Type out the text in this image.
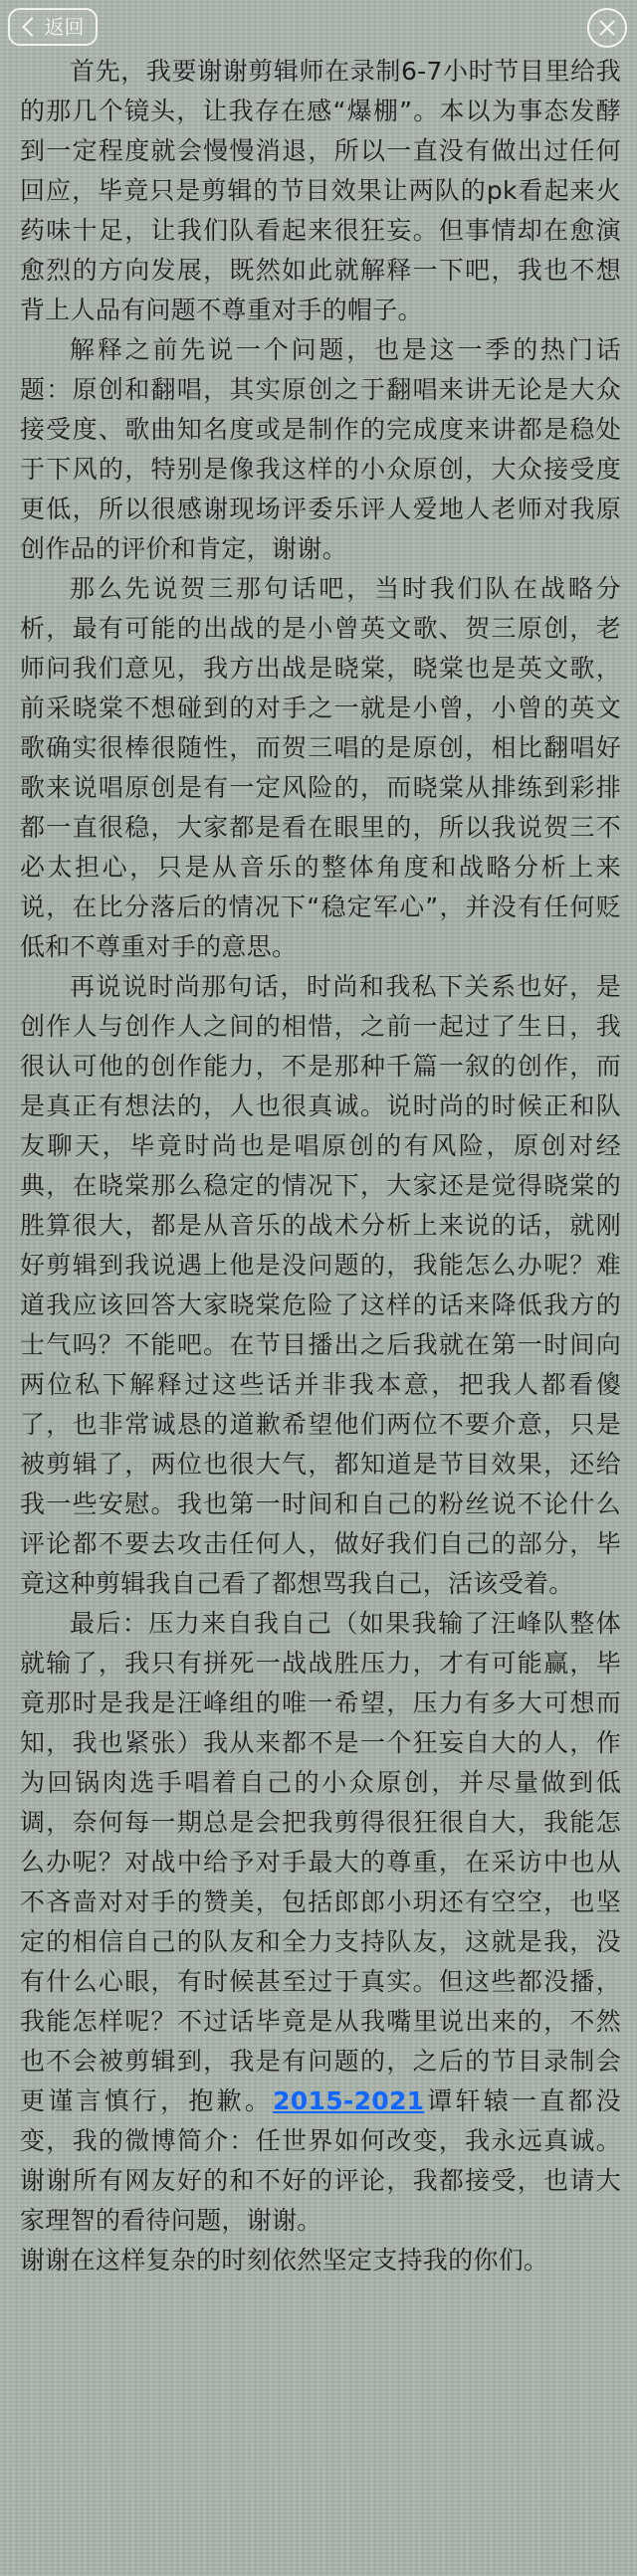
返回

首先，我要谢谢剪辑师在录制6-7小时节目里给我的那几个镜头，让我存在感“爆棚”。本以为事态发酵到一定程度就会慢慢消退，所以一直没有做出过任何回应，毕竟只是剪辑的节目效果让两队的pk看起来火药味十足，让我们队看起来很狂妄。但事情却在愈演愈烈的方向发展，既然如此就解释一下吧，我也不想背上人品有问题不尊重对手的帽子。

解释之前先说一个问题，也是这一季的热门话题：原创和翻唱，其实原创之于翻唱来讲无论是大众接受度、歌曲知名度或是制作的完成度来讲都是稳处于下风的，特别是像我这样的小众原创，大众接受度更低，所以很感谢现场评委乐评人爱地人老师对我原创作品的评价和肯定，谢谢。

那么先说贺三那句话吧，当时我们队在战略分析，最有可能的出战的是小曾英文歌、贺三原创，老师问我们意见，我方出战是晓棠，晓棠也是英文歌，前采晓棠不想碰到的对手之一就是小曾，小曾的英文歌确实很棒很随性，而贺三唱的是原创，相比翻唱好歌来说唱原创是有一定风险的，而晓棠从排练到彩排都一直很稳，大家都是看在眼里的，所以我说贺三不必太担心，只是从音乐的整体角度和战略分析上来说，在比分落后的情况下“稳定军心”，并没有任何贬低和不尊重对手的意思。

再说说时尚那句话，时尚和我私下关系也好，是创作人与创作人之间的相惜，之前一起过了生日，我很认可他的创作能力，不是那种千篇一叙的创作，而是真正有想法的，人也很真诚。说时尚的时候正和队友聊天，毕竟时尚也是唱原创的有风险，原创对经典，在晓棠那么稳定的情况下，大家还是觉得晓棠的胜算很大，都是从音乐的战术分析上来说的话，就刚好剪辑到我说遇上他是没问题的，我能怎么办呢？难道我应该回答大家晓棠危险了这样的话来降低我方的士气吗？不能吧。在节目播出之后我就在第一时间向两位私下解释过这些话并非我本意，把我人都看傻了，也非常诚恳的道歉希望他们两位不要介意，只是被剪辑了，两位也很大气，都知道是节目效果，还给我一些安慰。我也第一时间和自己的粉丝说不论什么评论都不要去攻击任何人，做好我们自己的部分，毕竟这种剪辑我自己看了都想骂我自己，活该受着。

最后：压力来自我自己（如果我输了汪峰队整体就输了，我只有拼死一战战胜压力，才有可能赢，毕竟那时是我是汪峰组的唯一希望，压力有多大可想而知，我也紧张）我从来都不是一个狂妄自大的人，作为回锅肉选手唱着自己的小众原创，并尽量做到低调，奈何每一期总是会把我剪得很狂很自大，我能怎么办呢？对战中给予对手最大的尊重，在采访中也从不吝啬对对手的赞美，包括郎郎小玥还有空空，也坚定的相信自己的队友和全力支持队友，这就是我，没有什么心眼，有时候甚至过于真实。但这些都没播，我能怎样呢？不过话毕竟是从我嘴里说出来的，不然也不会被剪辑到，我是有问题的，之后的节目录制会更谨言慎行，抱歉。2015-2021谭轩辕一直都没变，我的微博简介：任世界如何改变，我永远真诚。谢谢所有网友好的和不好的评论，我都接受，也请大家理智的看待问题，谢谢。

谢谢在这样复杂的时刻依然坚定支持我的你们。
